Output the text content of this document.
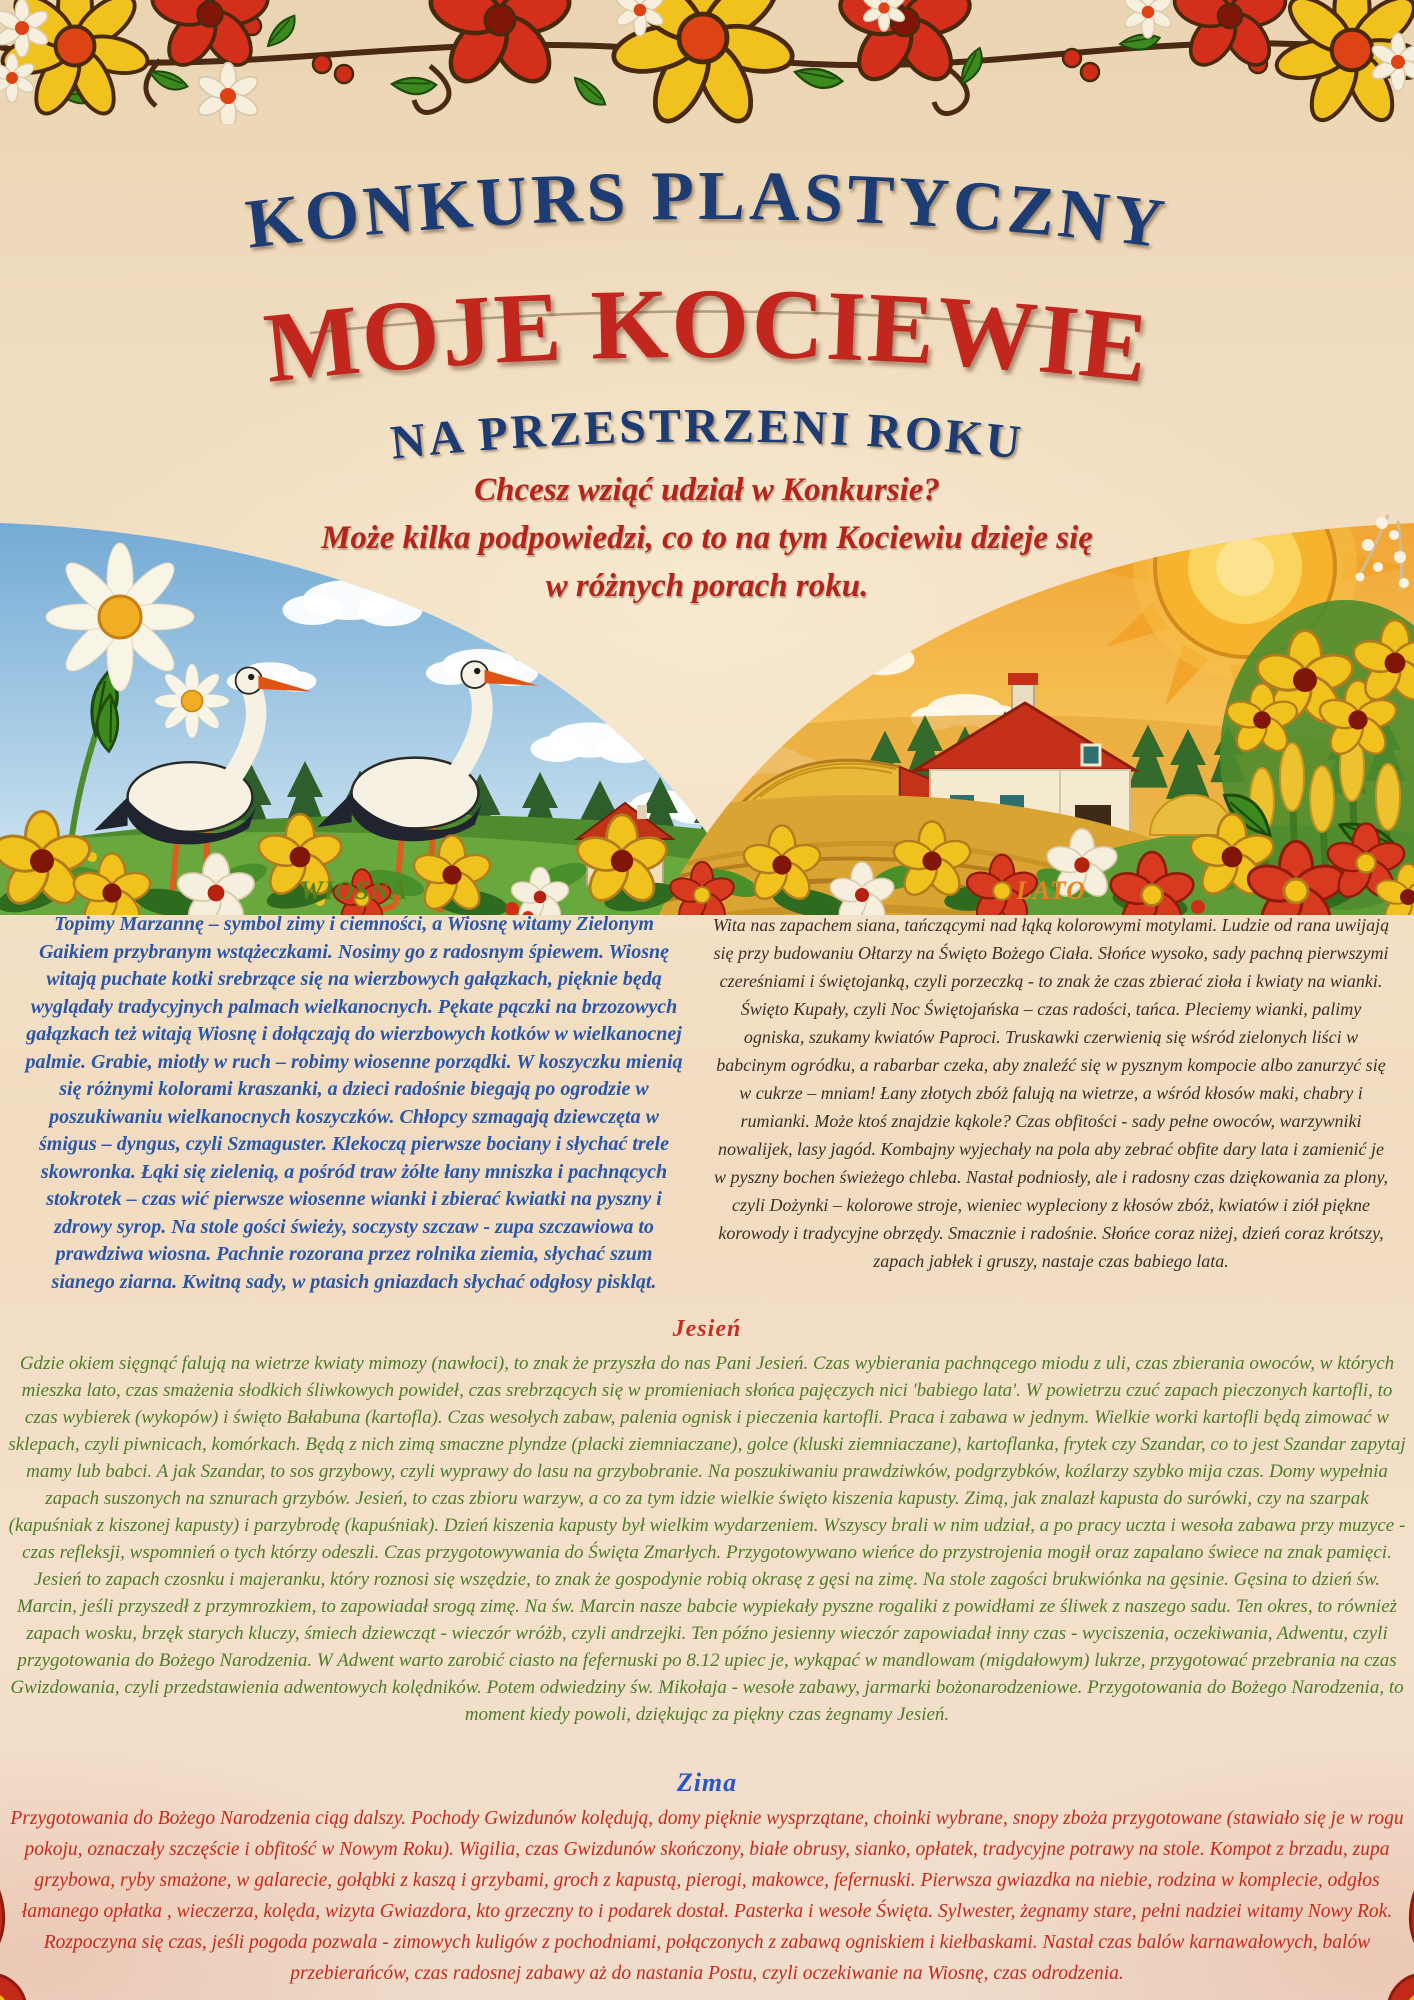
KONKURS PLASTYCZNY
MOJE KOCIEWIE
NA PRZESTRZENI ROKU
Chcesz wziąć udział w Konkursie?
Może kilka podpowiedzi, co to na tym Kociewiu dzieje się
w różnych porach roku.
WIOSNA

Topimy Marzannę – symbol zimy i ciemności, a Wiosnę witamy Zielonym Gaikiem przybranym wstążeczkami. Nosimy go z radosnym śpiewem. Wiosnę witają puchate kotki srebrzące się na wierzbowych gałązkach, pięknie będą wyglądały tradycyjnych palmach wielkanocnych. Pękate pączki na brzozowych gałązkach też witają Wiosnę i dołączają do wierzbowych kotków w wielkanocnej palmie. Grabie, miotły w ruch – robimy wiosenne porządki. W koszyczku mienią się różnymi kolorami kraszanki, a dzieci radośnie biegają po ogrodzie w poszukiwaniu wielkanocnych koszyczków. Chłopcy szmagają dziewczęta w śmigus – dyngus, czyli Szmaguster. Klekoczą pierwsze bociany i słychać trele skowronka. Łąki się zielenią, a pośród traw żółte łany mniszka i pachnących stokrotek – czas wić pierwsze wiosenne wianki i zbierać kwiatki na pyszny i zdrowy syrop. Na stole gości świeży, soczysty szczaw - zupa szczawiowa to prawdziwa wiosna. Pachnie rozorana przez rolnika ziemia, słychać szum sianego ziarna. Kwitną sady, w ptasich gniazdach słychać odgłosy piskląt.

LATO

Wita nas zapachem siana, tańczącymi nad łąką kolorowymi motylami. Ludzie od rana uwijają się przy budowaniu Ołtarzy na Święto Bożego Ciała. Słońce wysoko, sady pachną pierwszymi czereśniami i świętojanką, czyli porzeczką - to znak że czas zbierać zioła i kwiaty na wianki.

Święto Kupały, czyli Noc Świętojańska – czas radości, tańca. Pleciemy wianki, palimy ogniska, szukamy kwiatów Paproci. Truskawki czerwienią się wśród zielonych liści w babcinym ogródku, a rabarbar czeka, aby znaleźć się w pysznym kompocie albo zanurzyć się w cukrze – mniam! Łany złotych zbóż falują na wietrze, a wśród kłosów maki, chabry i rumianki. Może ktoś znajdzie kąkole? Czas obfitości - sady pełne owoców, warzywniki nowalijek, lasy jagód. Kombajny wyjechały na pola aby zebrać obfite dary lata i zamienić je w pyszny bochen świeżego chleba. Nastał podniosły, ale i radosny czas dziękowania za plony, czyli Dożynki – kolorowe stroje, wieniec wypleciony z kłosów zbóż, kwiatów i ziół piękne korowody i tradycyjne obrzędy. Smacznie i radośnie. Słońce coraz niżej, dzień coraz krótszy, zapach jabłek i gruszy, nastaje czas babiego lata.

Jesień

Gdzie okiem sięgnąć falują na wietrze kwiaty mimozy (nawłoci), to znak że przyszła do nas Pani Jesień. Czas wybierania pachnącego miodu z uli, czas zbierania owoców, w których mieszka lato, czas smażenia słodkich śliwkowych powideł, czas srebrzących się w promieniach słońca pajęczych nici 'babiego lata'. W powietrzu czuć zapach pieczonych kartofli, to czas wybierek (wykopów) i święto Bałabuna (kartofla). Czas wesołych zabaw, palenia ognisk i pieczenia kartofli. Praca i zabawa w jednym. Wielkie worki kartofli będą zimować w sklepach, czyli piwnicach, komórkach. Będą z nich zimą smaczne plyndze (placki ziemniaczane), golce (kluski ziemniaczane), kartoflanka, frytek czy Szandar, co to jest Szandar zapytaj mamy lub babci. A jak Szandar, to sos grzybowy, czyli wyprawy do lasu na grzybobranie. Na poszukiwaniu prawdziwków, podgrzybków, koźlarzy szybko mija czas. Domy wypełnia zapach suszonych na sznurach grzybów. Jesień, to czas zbioru warzyw, a co za tym idzie wielkie święto kiszenia kapusty. Zimą, jak znalazł kapusta do surówki, czy na szarpak (kapuśniak z kiszonej kapusty) i parzybrodę (kapuśniak). Dzień kiszenia kapusty był wielkim wydarzeniem. Wszyscy brali w nim udział, a po pracy uczta i wesoła zabawa przy muzyce - czas refleksji, wspomnień o tych którzy odeszli. Czas przygotowywania do Święta Zmarłych. Przygotowywano wieńce do przystrojenia mogił oraz zapalano świece na znak pamięci. Jesień to zapach czosnku i majeranku, który roznosi się wszędzie, to znak że gospodynie robią okrasę z gęsi na zimę. Na stole zagości brukwiónka na gęsinie. Gęsina to dzień św. Marcin, jeśli przyszedł z przymrozkiem, to zapowiadał srogą zimę. Na św. Marcin nasze babcie wypiekały pyszne rogaliki z powidłami ze śliwek z naszego sadu. Ten okres, to również zapach wosku, brzęk starych kluczy, śmiech dziewcząt - wieczór wróżb, czyli andrzejki. Ten późno jesienny wieczór zapowiadał inny czas - wyciszenia, oczekiwania, Adwentu, czyli przygotowania do Bożego Narodzenia. W Adwent warto zarobić ciasto na fefernuski po 8.12 upiec je, wykąpać w mandlowam (migdałowym) lukrze, przygotować przebrania na czas Gwizdowania, czyli przedstawienia adwentowych kolędników. Potem odwiedziny św. Mikołaja - wesołe zabawy, jarmarki bożonarodzeniowe. Przygotowania do Bożego Narodzenia, to moment kiedy powoli, dziękując za piękny czas żegnamy Jesień.

Zima

Przygotowania do Bożego Narodzenia ciąg dalszy. Pochody Gwizdunów kolędują, domy pięknie wysprzątane, choinki wybrane, snopy zboża przygotowane (stawiało się je w rogu pokoju, oznaczały szczęście i obfitość w Nowym Roku). Wigilia, czas Gwizdunów skończony, białe obrusy, sianko, opłatek, tradycyjne potrawy na stole. Kompot z brzadu, zupa grzybowa, ryby smażone, w galarecie, gołąbki z kaszą i grzybami, groch z kapustą, pierogi, makowce, fefernuski. Pierwsza gwiazdka na niebie, rodzina w komplecie, odgłos łamanego opłatka , wieczerza, kolęda, wizyta Gwiazdora, kto grzeczny to i podarek dostał. Pasterka i wesołe Święta. Sylwester, żegnamy stare, pełni nadziei witamy Nowy Rok. Rozpoczyna się czas, jeśli pogoda pozwala - zimowych kuligów z pochodniami, połączonych z zabawą ogniskiem i kiełbaskami. Nastał czas balów karnawałowych, balów przebierańców, czas radosnej zabawy aż do nastania Postu, czyli oczekiwanie na Wiosnę, czas odrodzenia.
